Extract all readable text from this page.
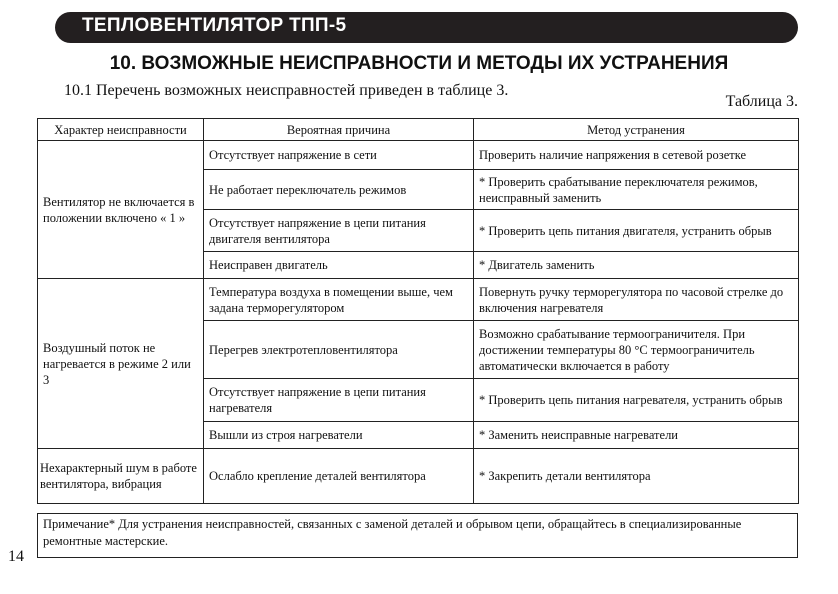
ТЕПЛОВЕНТИЛЯТОР ТПП-5
10. ВОЗМОЖНЫЕ НЕИСПРАВНОСТИ И МЕТОДЫ ИХ УСТРАНЕНИЯ
10.1 Перечень возможных неисправностей приведен в таблице 3.
Таблица 3.
Характер неисправности	Вероятная причина	Метод устранения
Вентилятор не включается в положении включено « 1 »	Отсутствует напряжение в сети	Проверить наличие напряжения в сетевой розетке
	Не работает переключатель режимов	* Проверить срабатывание переключателя режимов, неисправный заменить
	Отсутствует напряжение в цепи питания двигателя вентилятора	* Проверить цепь питания двигателя, устранить обрыв
	Неисправен двигатель	* Двигатель заменить
Воздушный поток не нагревается в режиме 2 или 3	Температура воздуха в помещении выше, чем задана терморегулятором	Повернуть ручку терморегулятора по часовой стрелке до включения нагревателя
	Перегрев электротепловентилятора	Возможно срабатывание термоограничителя. При достижении температуры 80 °С термоограничитель автоматически включается в работу
	Отсутствует напряжение в цепи питания нагревателя	* Проверить цепь питания нагревателя, устранить обрыв
	Вышли из строя нагреватели	* Заменить неисправные нагреватели
Нехарактерный шум в работе вентилятора, вибрация	Ослабло крепление деталей вентилятора	* Закрепить детали вентилятора
Примечание* Для устранения неисправностей, связанных с заменой деталей и обрывом цепи, обращайтесь в специализированные ремонтные мастерские.
14
